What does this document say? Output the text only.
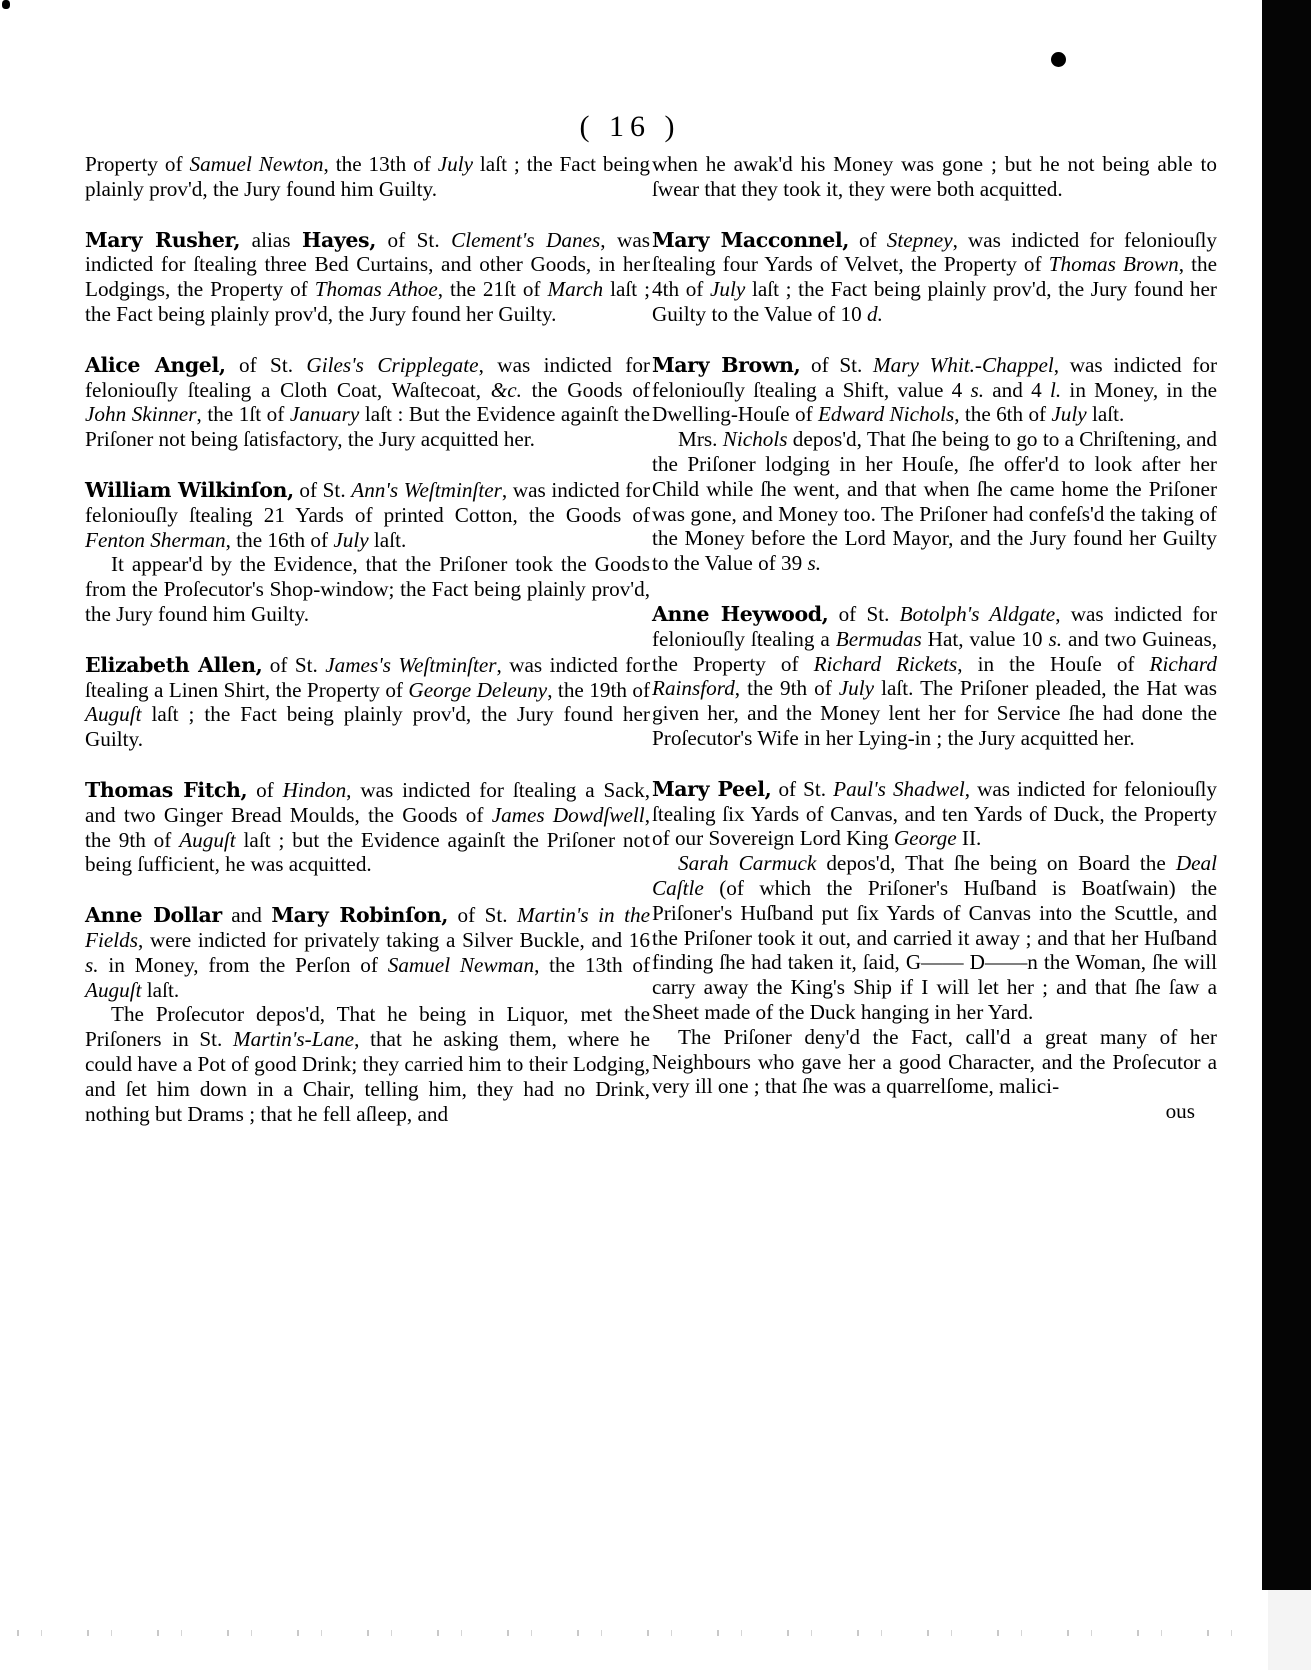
( 16 )

Property of Samuel Newton, the 13th of July laſt ; the Fact being plainly prov'd, the Jury found him Guilty.

Mary Rusher, alias Hayes, of St. Clement's Danes, was indicted for ſtealing three Bed Curtains, and other Goods, in her Lodgings, the Property of Thomas Athoe, the 21ſt of March laſt ; the Fact being plainly prov'd, the Jury found her Guilty.

Alice Angel, of St. Giles's Cripplegate, was indicted for feloniouſly ſtealing a Cloth Coat, Waſtecoat, &c. the Goods of John Skinner, the 1ſt of January laſt : But the Evidence againſt the Priſoner not being ſatisfactory, the Jury acquitted her.

William Wilkinſon, of St. Ann's Weſtminſter, was indicted for feloniouſly ſtealing 21 Yards of printed Cotton, the Goods of Fenton Sherman, the 16th of July laſt.

It appear'd by the Evidence, that the Priſoner took the Goods from the Proſecutor's Shop-window; the Fact being plainly prov'd, the Jury found him Guilty.

Elizabeth Allen, of St. James's Weſtminſter, was indicted for ſtealing a Linen Shirt, the Property of George Deleuny, the 19th of Auguſt laſt ; the Fact being plainly prov'd, the Jury found her Guilty.

Thomas Fitch, of Hindon, was indicted for ſtealing a Sack, and two Ginger Bread Moulds, the Goods of James Dowdſwell, the 9th of Auguſt laſt ; but the Evidence againſt the Priſoner not being ſufficient, he was acquitted.

Anne Dollar and Mary Robinſon, of St. Martin's in the Fields, were indicted for privately taking a Silver Buckle, and 16 s. in Money, from the Perſon of Samuel Newman, the 13th of Auguſt laſt.

The Proſecutor depos'd, That he being in Liquor, met the Priſoners in St. Martin's-Lane, that he asking them, where he could have a Pot of good Drink; they carried him to their Lodging, and ſet him down in a Chair, telling him, they had no Drink, nothing but Drams ; that he fell aſleep, and

when he awak'd his Money was gone ; but he not being able to ſwear that they took it, they were both acquitted.

Mary Macconnel, of Stepney, was indicted for feloniouſly ſtealing four Yards of Velvet, the Property of Thomas Brown, the 4th of July laſt ; the Fact being plainly prov'd, the Jury found her Guilty to the Value of 10 d.

Mary Brown, of St. Mary Whit.-Chappel, was indicted for feloniouſly ſtealing a Shift, value 4 s. and 4 l. in Money, in the Dwelling-Houſe of Edward Nichols, the 6th of July laſt.

Mrs. Nichols depos'd, That ſhe being to go to a Chriſtening, and the Priſoner lodging in her Houſe, ſhe offer'd to look after her Child while ſhe went, and that when ſhe came home the Priſoner was gone, and Money too. The Priſoner had confeſs'd the taking of the Money before the Lord Mayor, and the Jury found her Guilty to the Value of 39 s.

Anne Heywood, of St. Botolph's Aldgate, was indicted for feloniouſly ſtealing a Bermudas Hat, value 10 s. and two Guineas, the Property of Richard Rickets, in the Houſe of Richard Rainsford, the 9th of July laſt. The Priſoner pleaded, the Hat was given her, and the Money lent her for Service ſhe had done the Proſecutor's Wife in her Lying-in ; the Jury acquitted her.

Mary Peel, of St. Paul's Shadwel, was indicted for feloniouſly ſtealing ſix Yards of Canvas, and ten Yards of Duck, the Property of our Sovereign Lord King George II.

Sarah Carmuck depos'd, That ſhe being on Board the Deal Caſtle (of which the Priſoner's Huſband is Boatſwain) the Priſoner's Huſband put ſix Yards of Canvas into the Scuttle, and the Priſoner took it out, and carried it away ; and that her Huſband finding ſhe had taken it, ſaid, G—— D——n the Woman, ſhe will carry away the King's Ship if I will let her ; and that ſhe ſaw a Sheet made of the Duck hanging in her Yard.

The Priſoner deny'd the Fact, call'd a great many of her Neighbours who gave her a good Character, and the Proſecutor a very ill one ; that ſhe was a quarrelſome, malici-

ous
